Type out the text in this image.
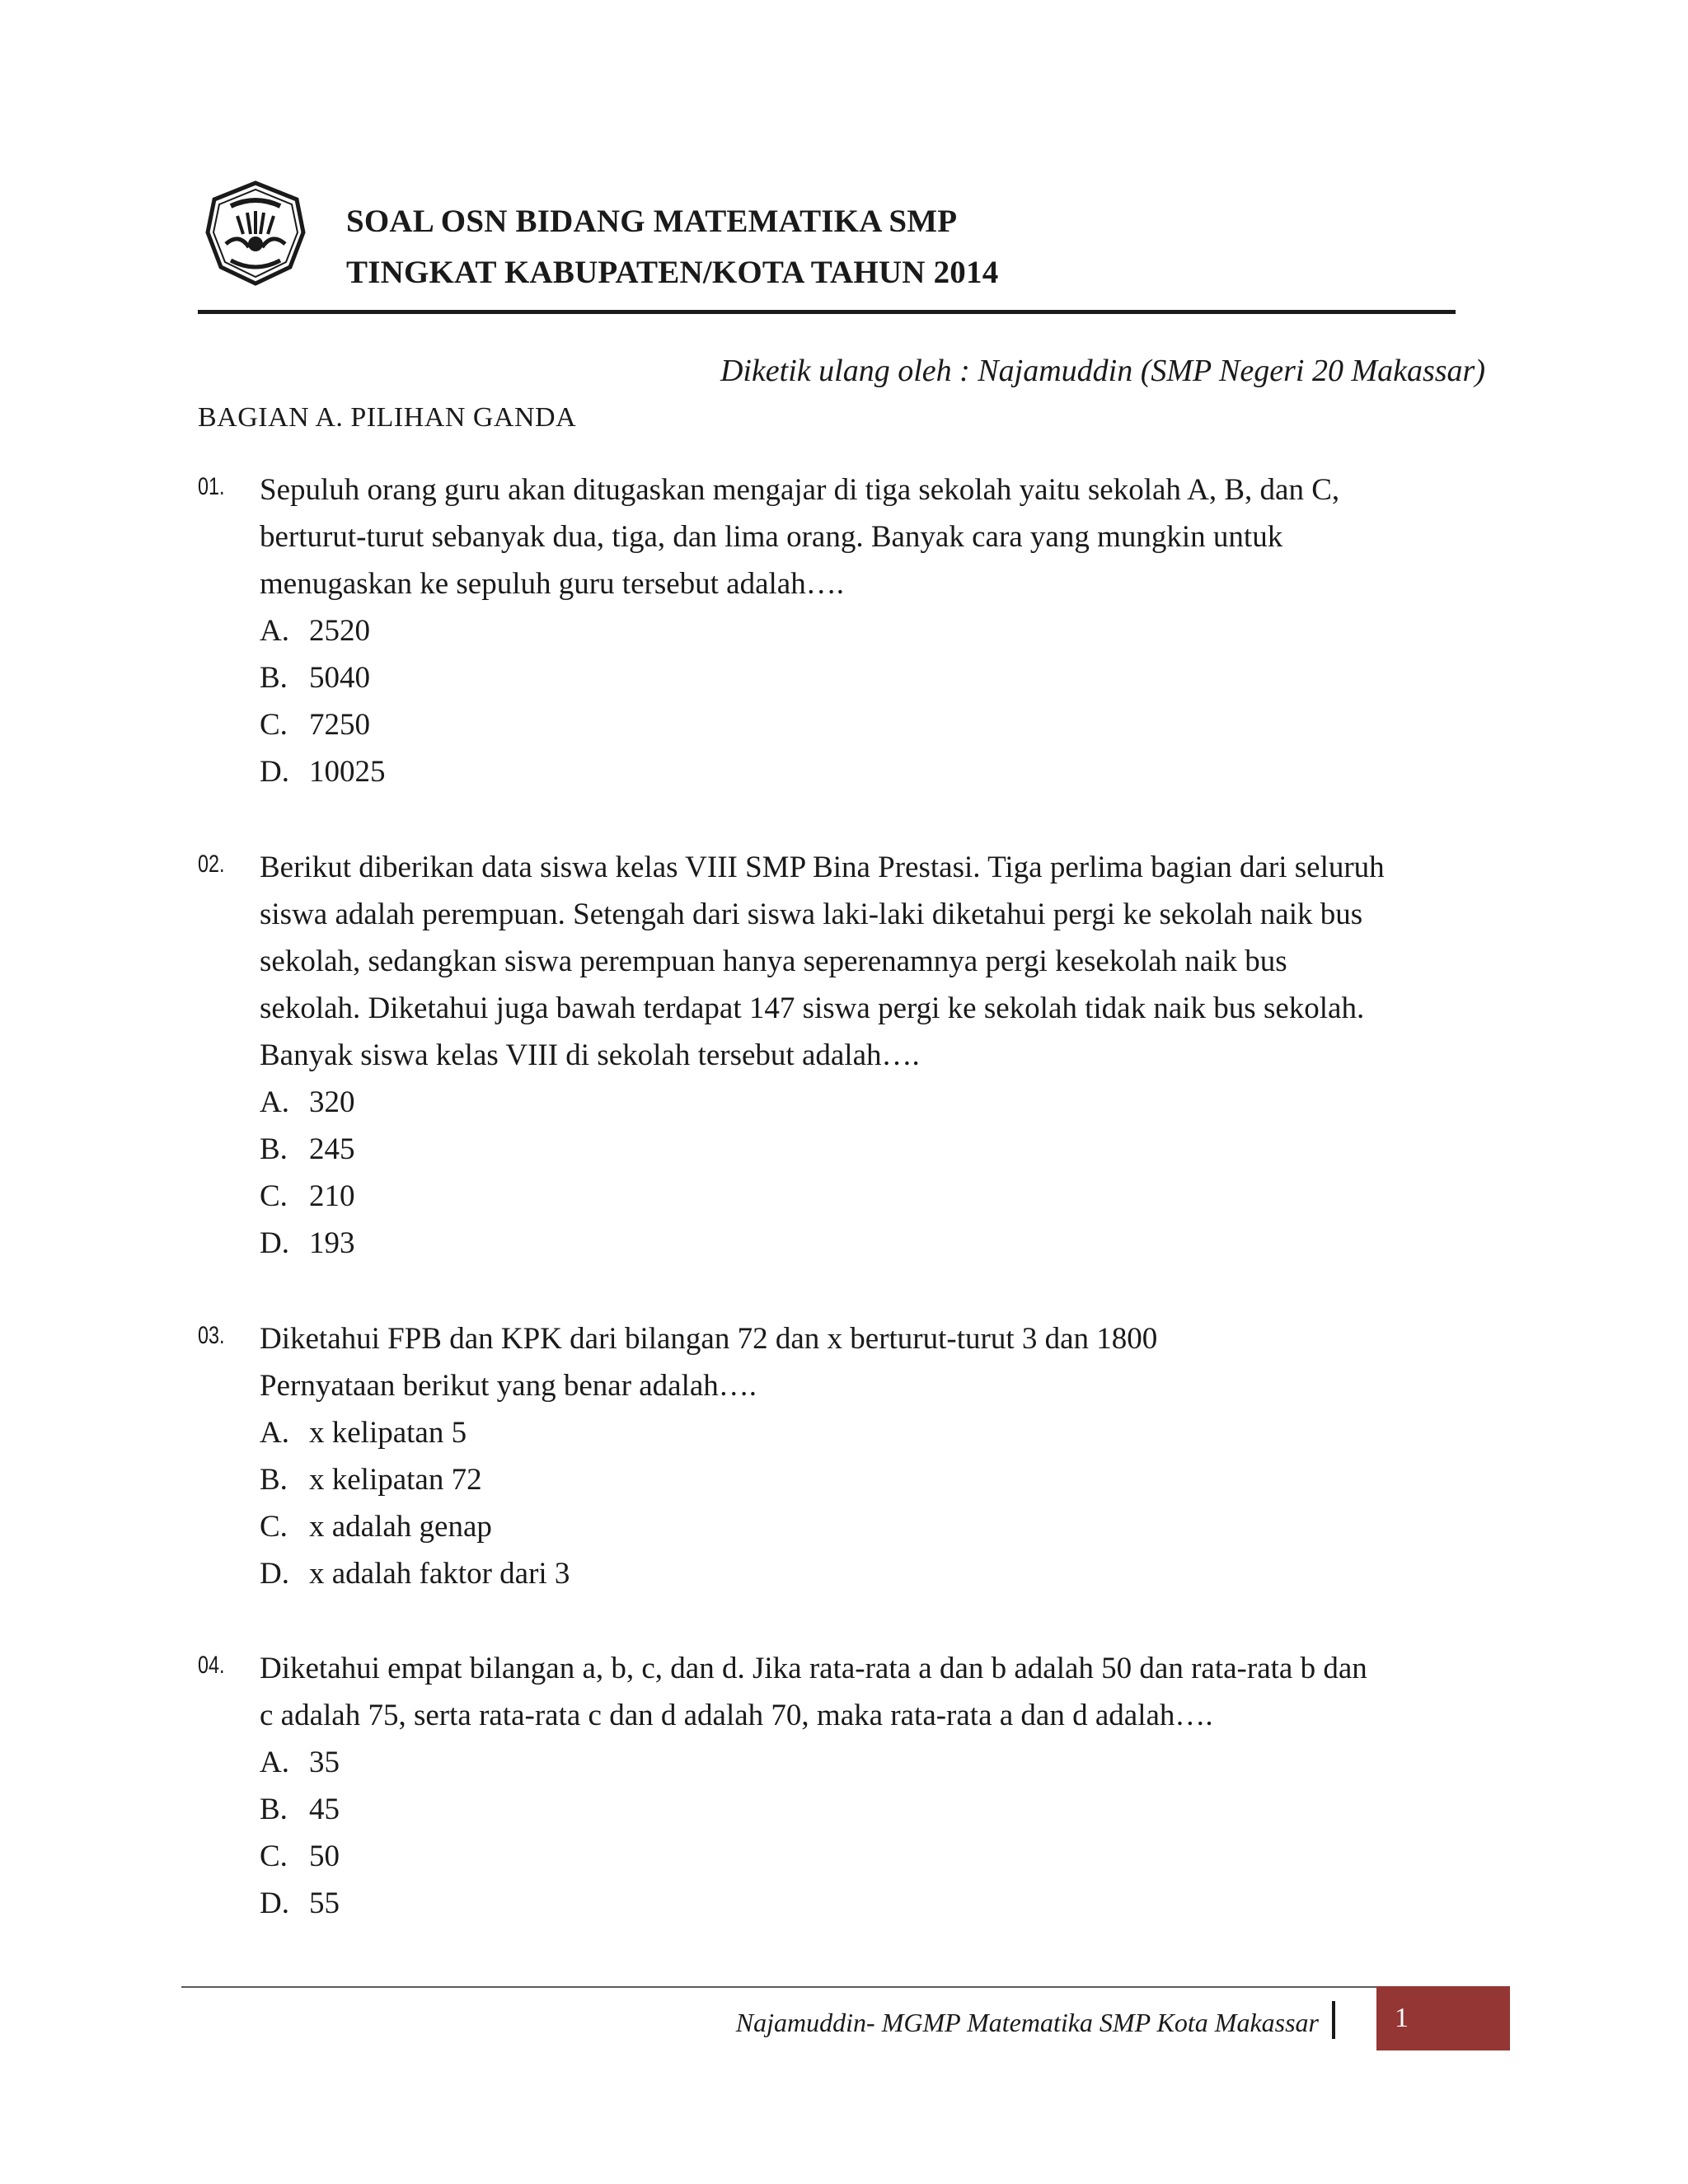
SOAL OSN BIDANG MATEMATIKA SMP
TINGKAT KABUPATEN/KOTA TAHUN 2014
Diketik ulang oleh : Najamuddin (SMP Negeri 20 Makassar)
BAGIAN A. PILIHAN GANDA
01. Sepuluh orang guru akan ditugaskan mengajar di tiga sekolah yaitu sekolah A, B, dan C,
berturut-turut sebanyak dua, tiga, dan lima orang. Banyak cara yang mungkin untuk
menugaskan ke sepuluh guru tersebut adalah….
A. 2520
B. 5040
C. 7250
D. 10025
02. Berikut diberikan data siswa kelas VIII SMP Bina Prestasi. Tiga perlima bagian dari seluruh
siswa adalah perempuan. Setengah dari siswa laki-laki diketahui pergi ke sekolah naik bus
sekolah, sedangkan siswa perempuan hanya seperenamnya pergi kesekolah naik bus
sekolah. Diketahui juga bawah terdapat 147 siswa pergi ke sekolah tidak naik bus sekolah.
Banyak siswa kelas VIII di sekolah tersebut adalah….
A. 320
B. 245
C. 210
D. 193
03. Diketahui FPB dan KPK dari bilangan 72 dan x berturut-turut 3 dan 1800
Pernyataan berikut yang benar adalah….
A. x kelipatan 5
B. x kelipatan 72
C. x adalah genap
D. x adalah faktor dari 3
04. Diketahui empat bilangan a, b, c, dan d. Jika rata-rata a dan b adalah 50 dan rata-rata b dan
c adalah 75, serta rata-rata c dan d adalah 70, maka rata-rata a dan d adalah….
A. 35
B. 45
C. 50
D. 55
Najamuddin- MGMP Matematika SMP Kota Makassar	1
